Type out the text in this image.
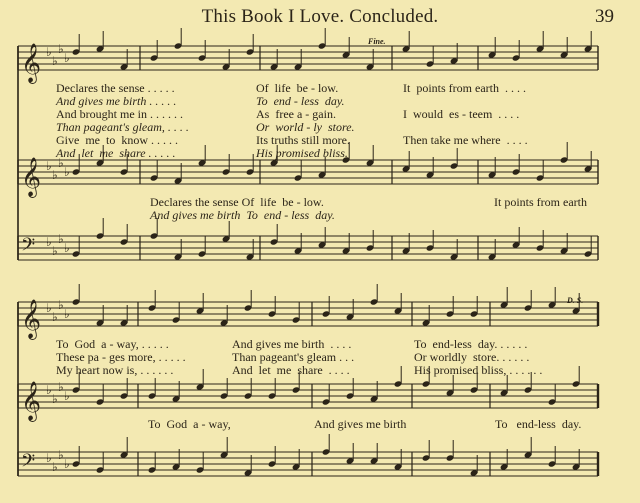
This Book I Love. Concluded.	39
𝄞 ♭
♭
♭
♭
𝄞 ♭
♭
♭
♭
𝄢 ♭
♭
♭
♭
𝄞 ♭
♭
♭
♭
𝄞 ♭
♭
♭
♭
𝄢 ♭
♭
♭
♭
Fine.
D. S.
Declares the sense . . . . .	Of  life  be - low.	It  points from earth  . . . .
And gives me birth . . . . .	To  end - less  day.
And brought me in . . . . . .	As  free a - gain.	I  would  es - teem  . . . .
Than pageant's gleam, . . . .	Or  world - ly  store.
Give  me  to  know . . . . .	Its truths still more.	Then take me where  . . . .
And  let  me  share . . . . .	His promised bliss.
Declares the sense Of  life  be - low.	It points from earth
And gives me birth  To  end - less  day.
To  God  a - way, . . . . .	And gives me birth  . . . .	To  end-less  day. . . . . .
These pa - ges more, . . . . .	Than pageant's gleam . . .	Or worldly  store. . . . . .
My heart now is, . . . . . .	And  let  me  share  . . . .	His promised bliss, . . . . . .
To  God  a - way,	And gives me birth	To   end-less  day.
